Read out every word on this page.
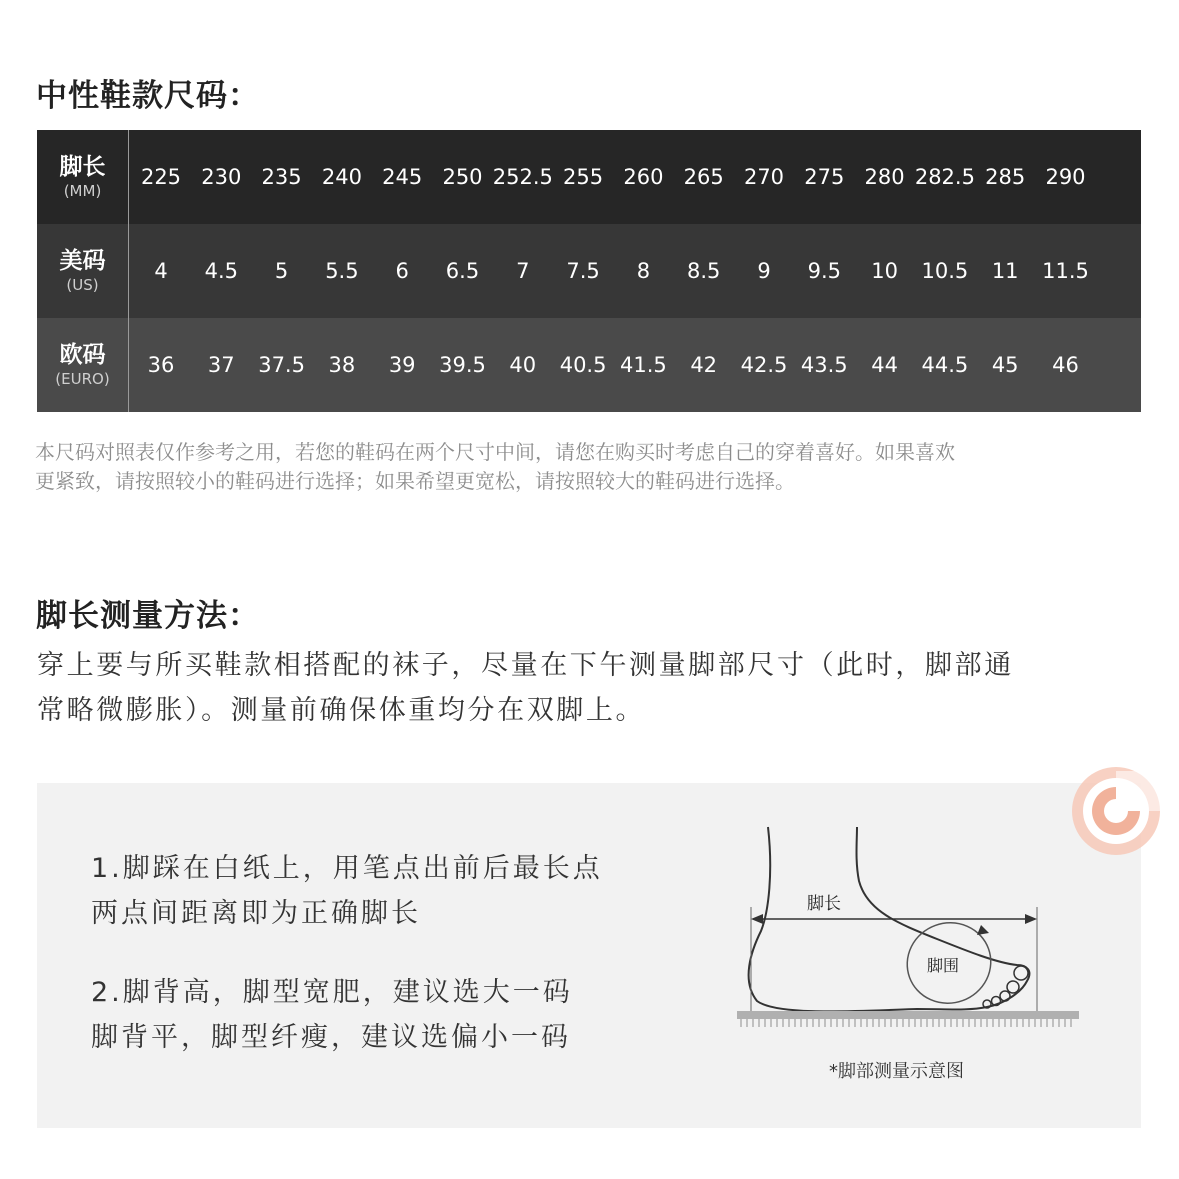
中性鞋款尺码：
脚长
(MM)
225 230 235 240 245 250 252.5 255 260 265 270 275 280 282.5 285 290
美码
(US)
4 4.5 5 5.5 6 6.5 7 7.5 8 8.5 9 9.5 10 10.5 11 11.5
欧码
(EURO)
36 37 37.5 38 39 39.5 40 40.5 41.5 42 42.5 43.5 44 44.5 45 46
本尺码对照表仅作参考之用，若您的鞋码在两个尺寸中间，请您在购买时考虑自己的穿着喜好。如果喜欢
更紧致，请按照较小的鞋码进行选择；如果希望更宽松，请按照较大的鞋码进行选择。
脚长测量方法：
穿上要与所买鞋款相搭配的袜子，尽量在下午测量脚部尺寸（此时，脚部通
常略微膨胀）。测量前确保体重均分在双脚上。
1.脚踩在白纸上，用笔点出前后最长点
两点间距离即为正确脚长
2.脚背高，脚型宽肥，建议选大一码
脚背平，脚型纤瘦，建议选偏小一码
脚长
脚围
*脚部测量示意图
